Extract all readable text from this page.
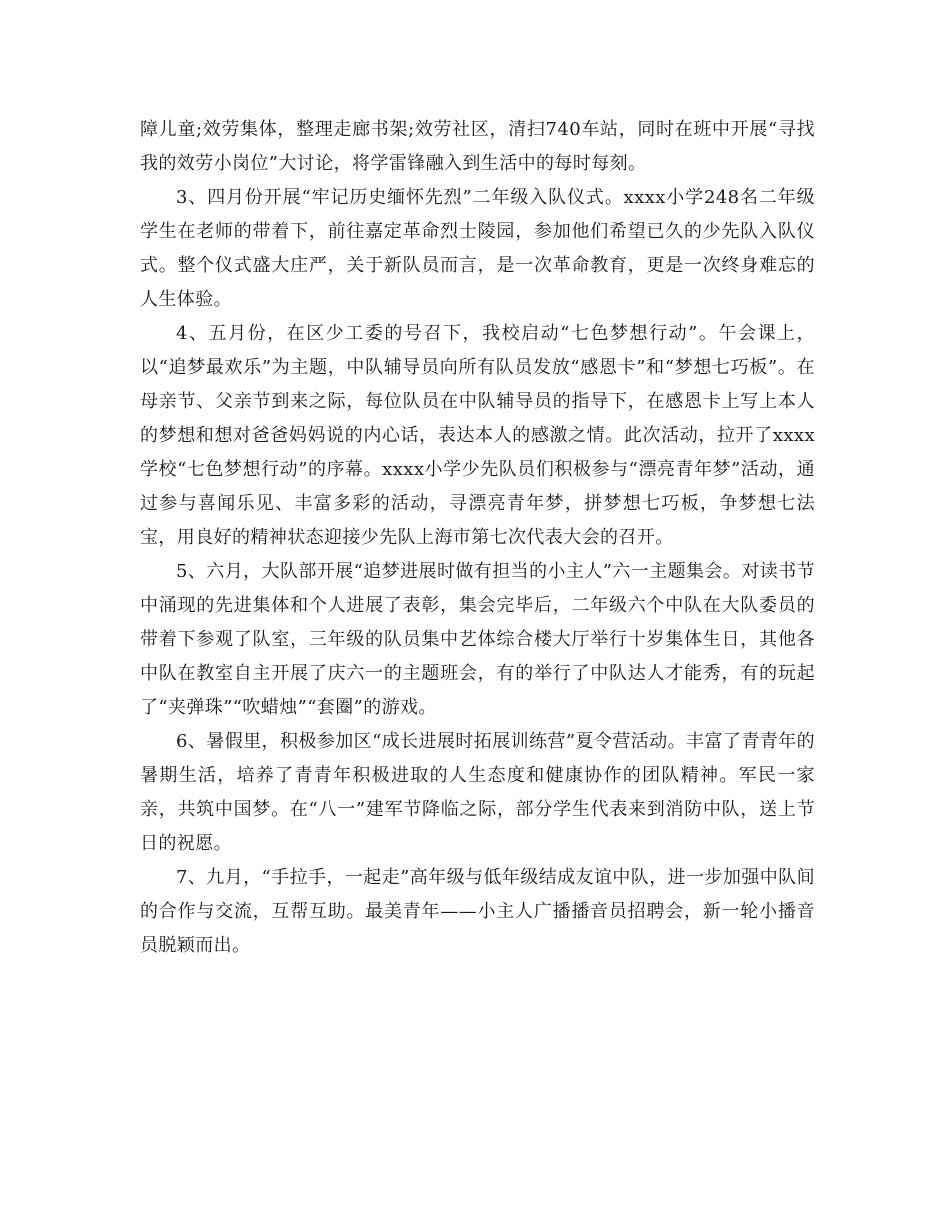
障儿童;效劳集体，整理走廊书架;效劳社区，清扫740车站，同时在班中开展“寻找我的效劳小岗位”大讨论，将学雷锋融入到生活中的每时每刻。

3、四月份开展“牢记历史缅怀先烈”二年级入队仪式。xxxx小学248名二年级学生在老师的带着下，前往嘉定革命烈士陵园，参加他们希望已久的少先队入队仪式。整个仪式盛大庄严，关于新队员而言，是一次革命教育，更是一次终身难忘的人生体验。

4、五月份，在区少工委的号召下，我校启动“七色梦想行动”。午会课上，以“追梦最欢乐”为主题，中队辅导员向所有队员发放“感恩卡”和“梦想七巧板”。在母亲节、父亲节到来之际，每位队员在中队辅导员的指导下，在感恩卡上写上本人的梦想和想对爸爸妈妈说的内心话，表达本人的感激之情。此次活动，拉开了xxxx学校“七色梦想行动”的序幕。xxxx小学少先队员们积极参与“漂亮青年梦”活动，通过参与喜闻乐见、丰富多彩的活动，寻漂亮青年梦，拼梦想七巧板，争梦想七法宝，用良好的精神状态迎接少先队上海市第七次代表大会的召开。

5、六月，大队部开展“追梦进展时做有担当的小主人”六一主题集会。对读书节中涌现的先进集体和个人进展了表彰，集会完毕后，二年级六个中队在大队委员的带着下参观了队室，三年级的队员集中艺体综合楼大厅举行十岁集体生日，其他各中队在教室自主开展了庆六一的主题班会，有的举行了中队达人才能秀，有的玩起了“夹弹珠”“吹蜡烛”“套圈”的游戏。

6、暑假里，积极参加区“成长进展时拓展训练营”夏令营活动。丰富了青青年的暑期生活，培养了青青年积极进取的人生态度和健康协作的团队精神。军民一家亲，共筑中国梦。在“八一”建军节降临之际，部分学生代表来到消防中队，送上节日的祝愿。

7、九月，“手拉手，一起走”高年级与低年级结成友谊中队，进一步加强中队间的合作与交流，互帮互助。最美青年——小主人广播播音员招聘会，新一轮小播音员脱颖而出。
